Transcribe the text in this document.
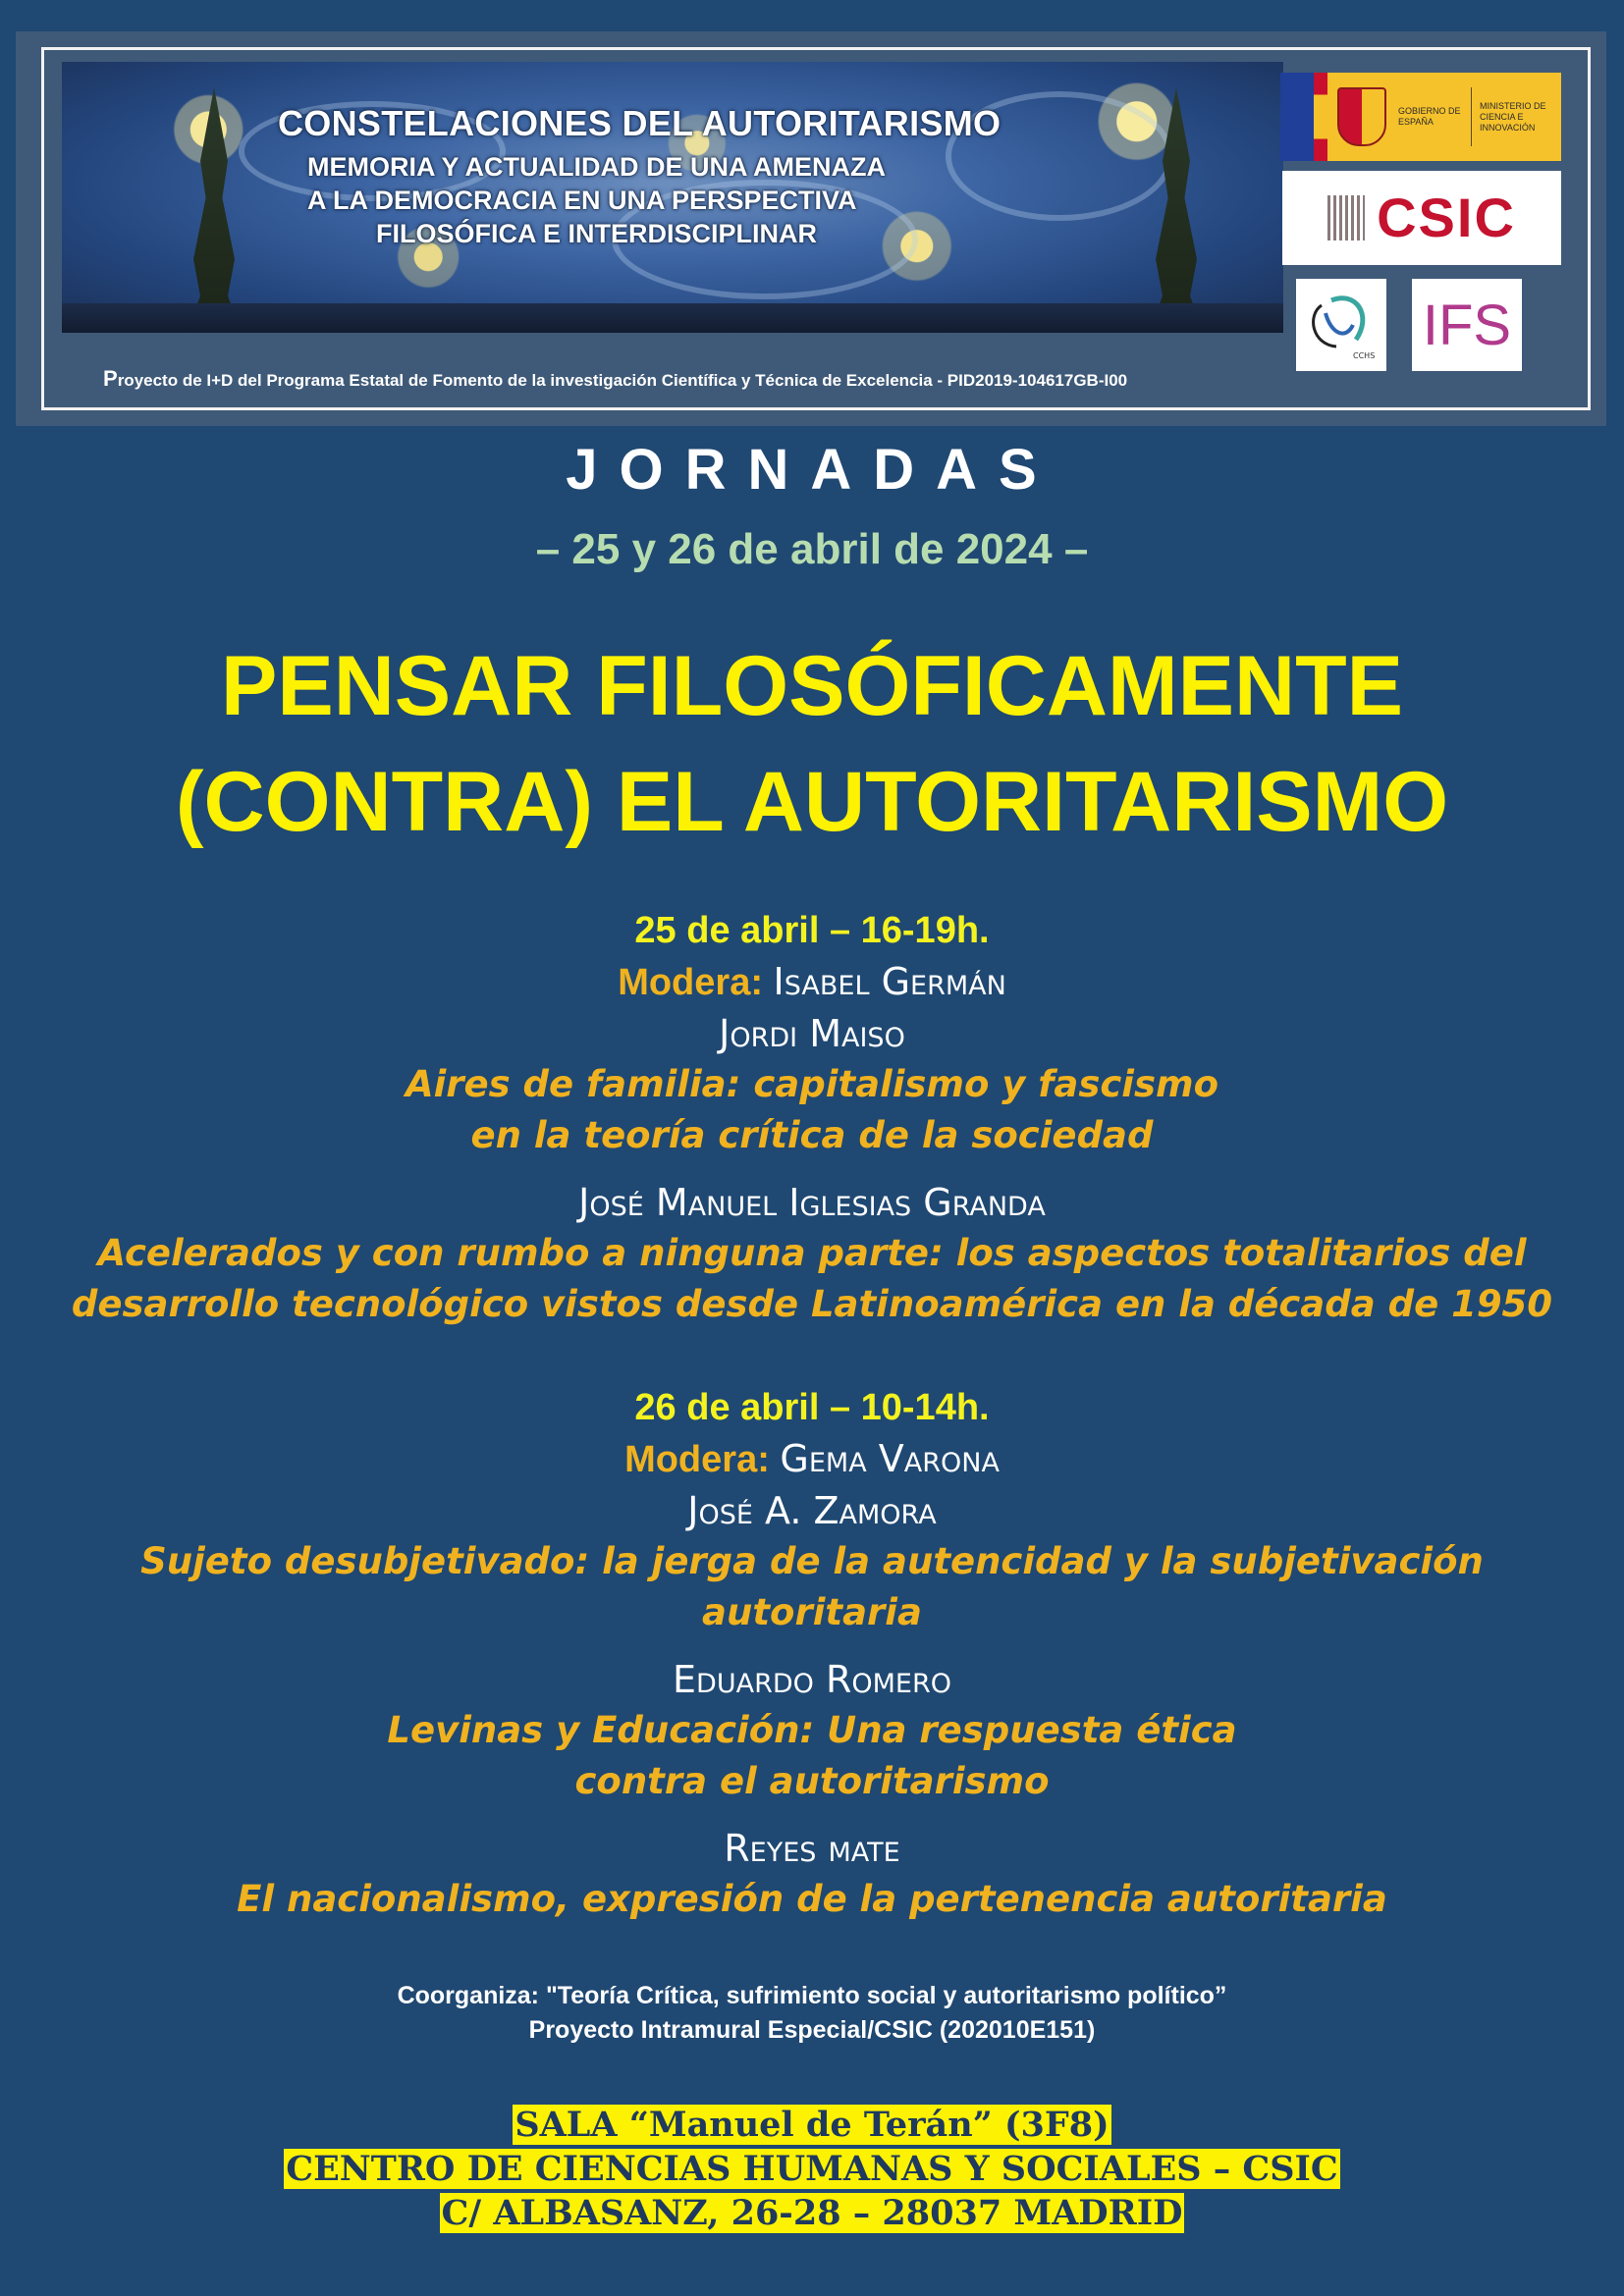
CONSTELACIONES DEL AUTORITARISMO
MEMORIA Y ACTUALIDAD DE UNA AMENAZA
A LA DEMOCRACIA EN UNA PERSPECTIVA
FILOSÓFICA E INTERDISCIPLINAR
Proyecto de I+D del Programa Estatal de Fomento de la investigación Científica y Técnica de Excelencia - PID2019-104617GB-I00
GOBIERNO DE ESPAÑA
MINISTERIO DE CIENCIA E INNOVACIÓN
CSIC
CCHS IFS
JORNADAS
– 25 y 26 de abril de 2024 –
PENSAR FILOSÓFICAMENTE
(CONTRA) EL AUTORITARISMO
25 de abril – 16-19h.
Modera: Isabel Germán
Jordi Maiso
Aires de familia: capitalismo y fascismo
en la teoría crítica de la sociedad
José Manuel Iglesias Granda
Acelerados y con rumbo a ninguna parte: los aspectos totalitarios del
desarrollo tecnológico vistos desde Latinoamérica en la década de 1950
26 de abril – 10-14h.
Modera: Gema Varona
José A. Zamora
Sujeto desubjetivado: la jerga de la autencidad y la subjetivación
autoritaria
Eduardo Romero
Levinas y Educación: Una respuesta ética
contra el autoritarismo
Reyes mate
El nacionalismo, expresión de la pertenencia autoritaria
Coorganiza: "Teoría Crítica, sufrimiento social y autoritarismo político”
Proyecto Intramural Especial/CSIC (202010E151)
SALA “Manuel de Terán” (3F8)
CENTRO DE CIENCIAS HUMANAS Y SOCIALES – CSIC
C/ ALBASANZ, 26-28 – 28037 MADRID
